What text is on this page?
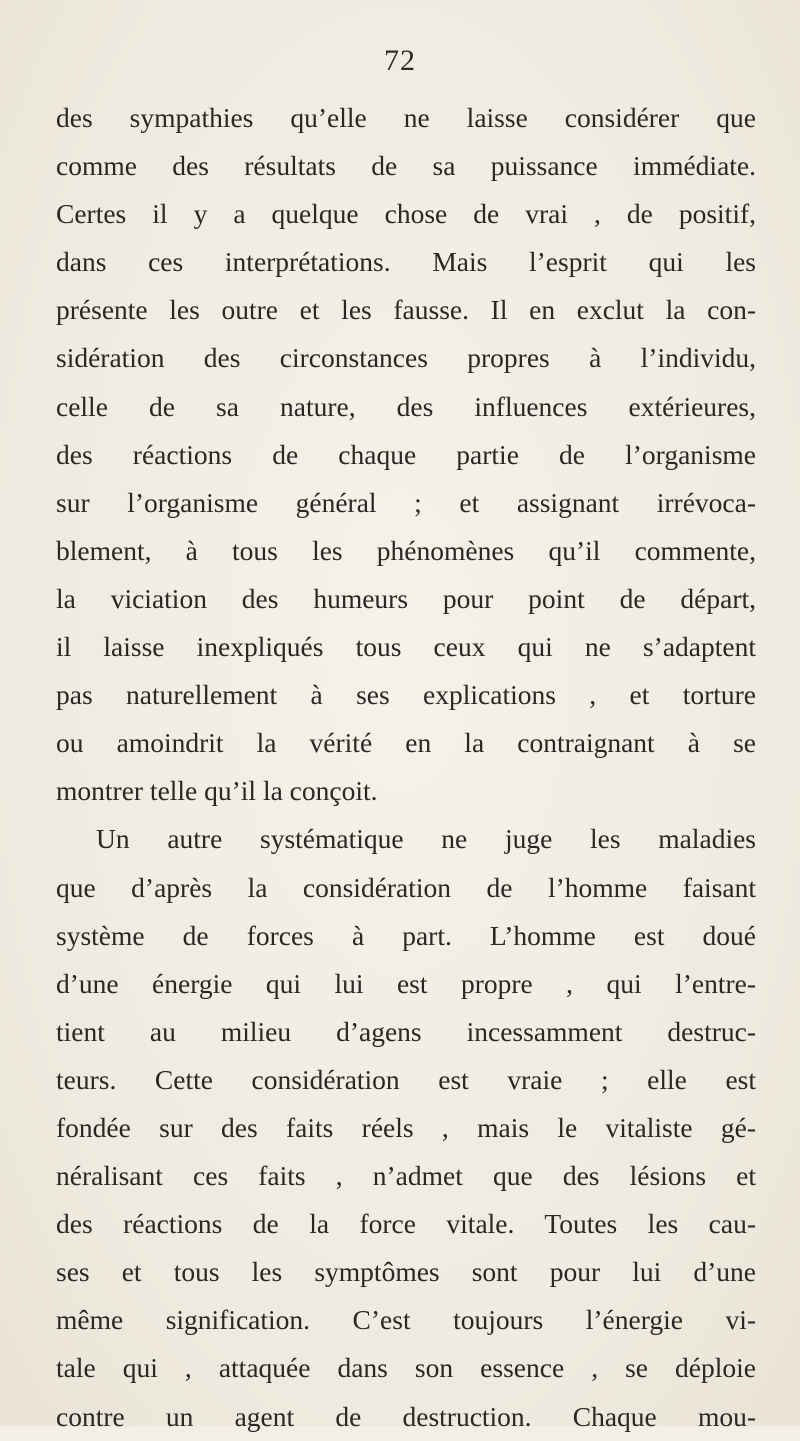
72
des sympathies qu’elle ne laisse considérer que
comme des résultats de sa puissance immédiate.
Certes il y a quelque chose de vrai , de positif,
dans ces interprétations. Mais l’esprit qui les
présente les outre et les fausse. Il en exclut la con-
sidération des circonstances propres à l’individu,
celle de sa nature, des influences extérieures,
des réactions de chaque partie de l’organisme
sur l’organisme général ; et assignant irrévoca-
blement, à tous les phénomènes qu’il commente,
la viciation des humeurs pour point de départ,
il laisse inexpliqués tous ceux qui ne s’adaptent
pas naturellement à ses explications , et torture
ou amoindrit la vérité en la contraignant à se
montrer telle qu’il la conçoit.
Un autre systématique ne juge les maladies
que d’après la considération de l’homme faisant
système de forces à part. L’homme est doué
d’une énergie qui lui est propre , qui l’entre-
tient au milieu d’agens incessamment destruc-
teurs. Cette considération est vraie ; elle est
fondée sur des faits réels , mais le vitaliste gé-
néralisant ces faits , n’admet que des lésions et
des réactions de la force vitale. Toutes les cau-
ses et tous les symptômes sont pour lui d’une
même signification. C’est toujours l’énergie vi-
tale qui , attaquée dans son essence , se déploie
contre un agent de destruction. Chaque mou-
